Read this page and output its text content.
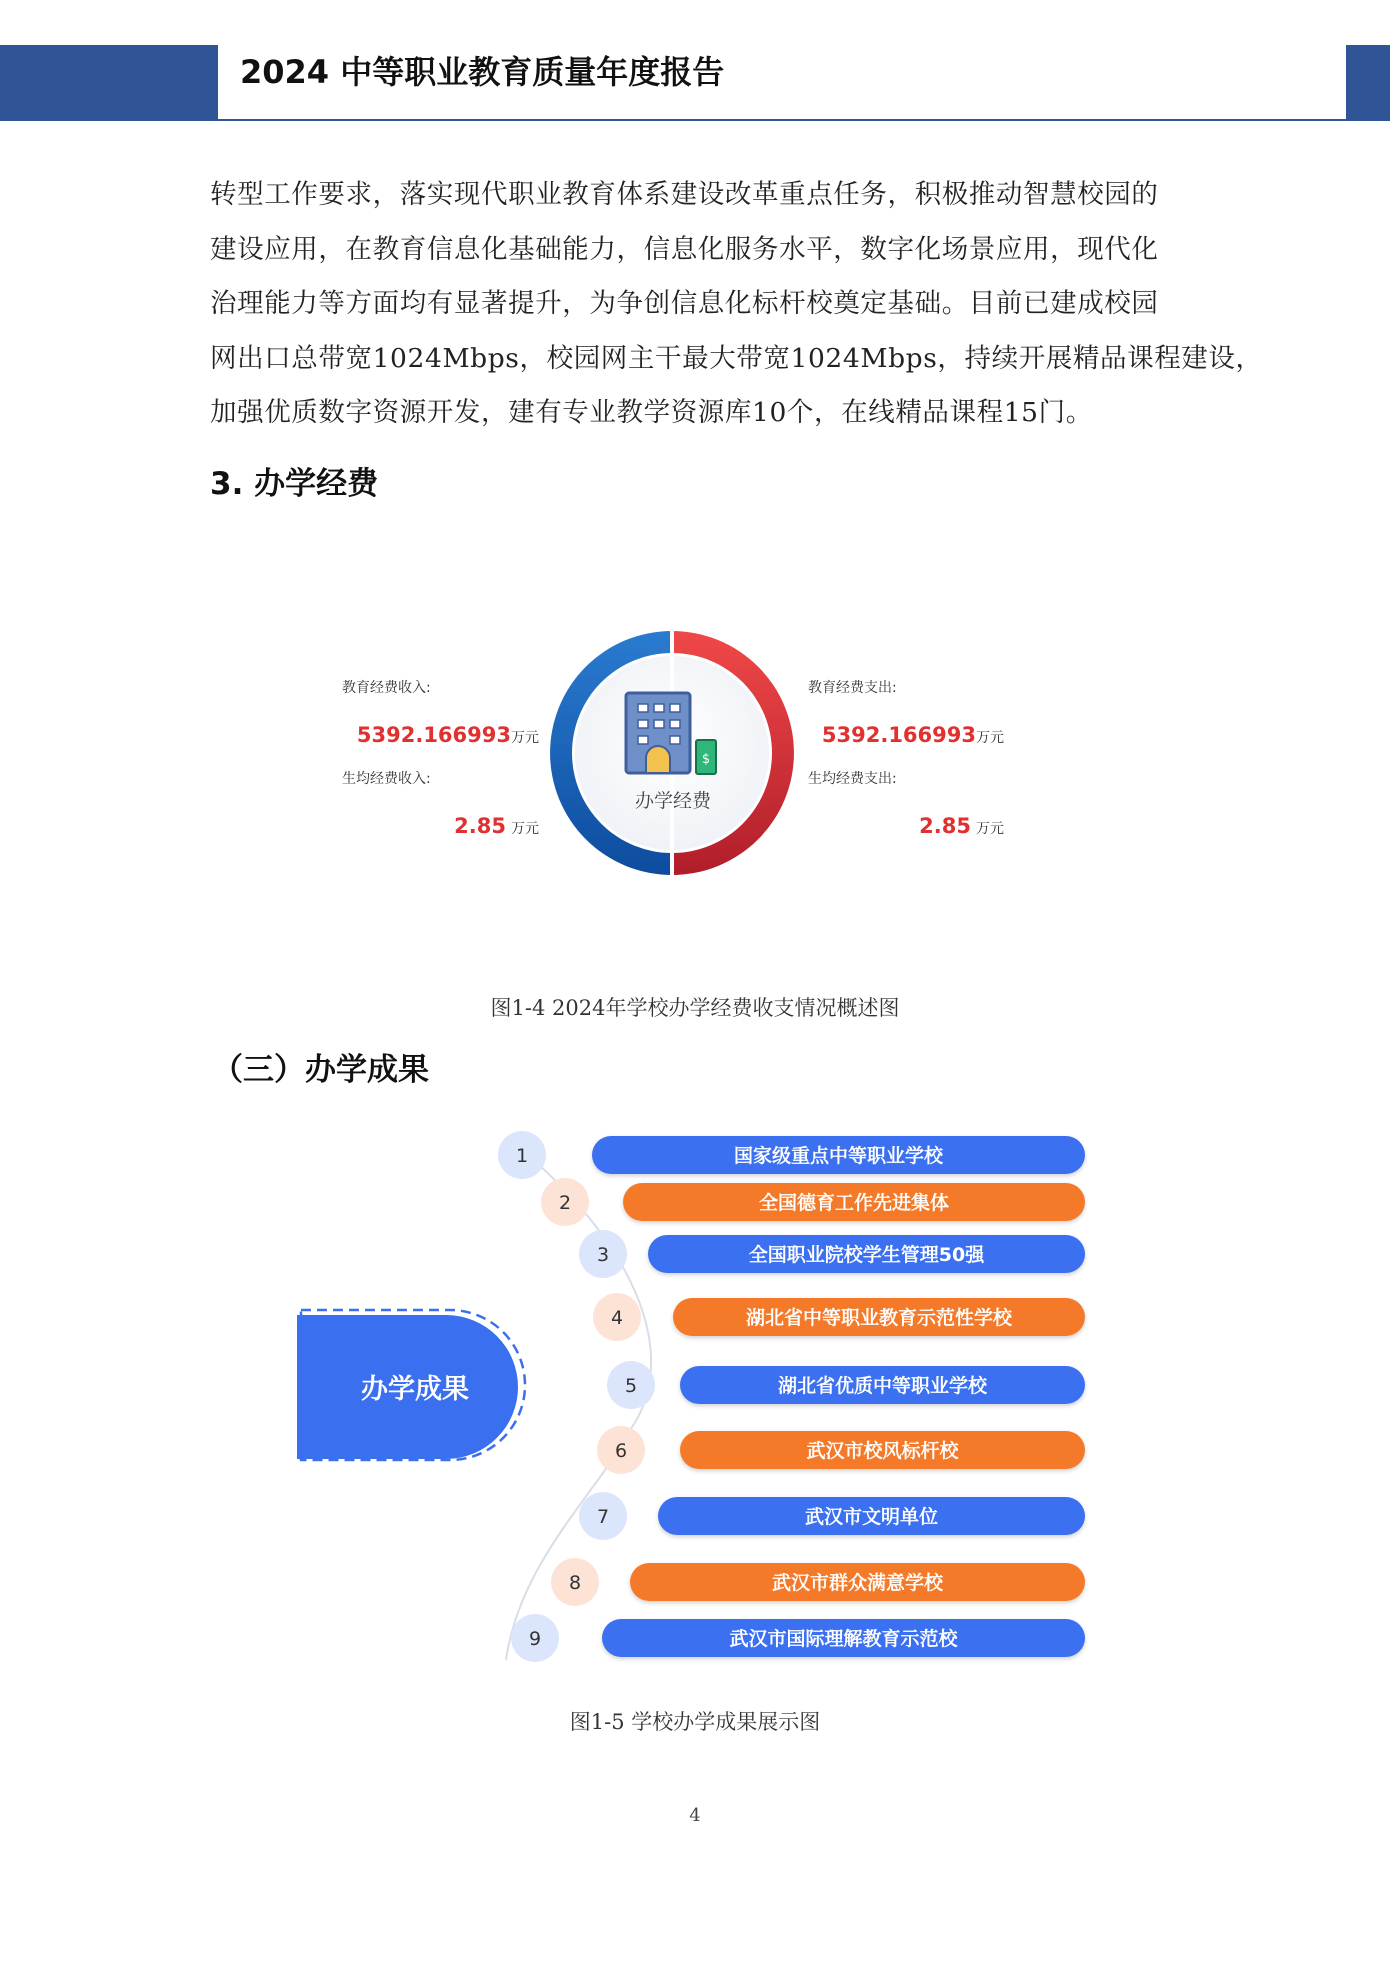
2024 中等职业教育质量年度报告

转型工作要求，落实现代职业教育体系建设改革重点任务，积极推动智慧校园的
建设应用，在教育信息化基础能力，信息化服务水平，数字化场景应用，现代化
治理能力等方面均有显著提升，为争创信息化标杆校奠定基础。目前已建成校园
网出口总带宽1024Mbps，校园网主干最大带宽1024Mbps，持续开展精品课程建设，
加强优质数字资源开发，建有专业教学资源库10个，在线精品课程15门。

3. 办学经费
$
办学经费
教育经费收入:
5392.166993万元
生均经费收入:
2.85 万元
教育经费支出:
5392.166993万元
生均经费支出:
2.85 万元
图1-4 2024年学校办学经费收支情况概述图
（三）办学成果
办学成果
1	国家级重点中等职业学校
2	全国德育工作先进集体
3	全国职业院校学生管理50强
4	湖北省中等职业教育示范性学校
5	湖北省优质中等职业学校
6	武汉市校风标杆校
7	武汉市文明单位
8	武汉市群众满意学校
9	武汉市国际理解教育示范校
图1-5 学校办学成果展示图
4
